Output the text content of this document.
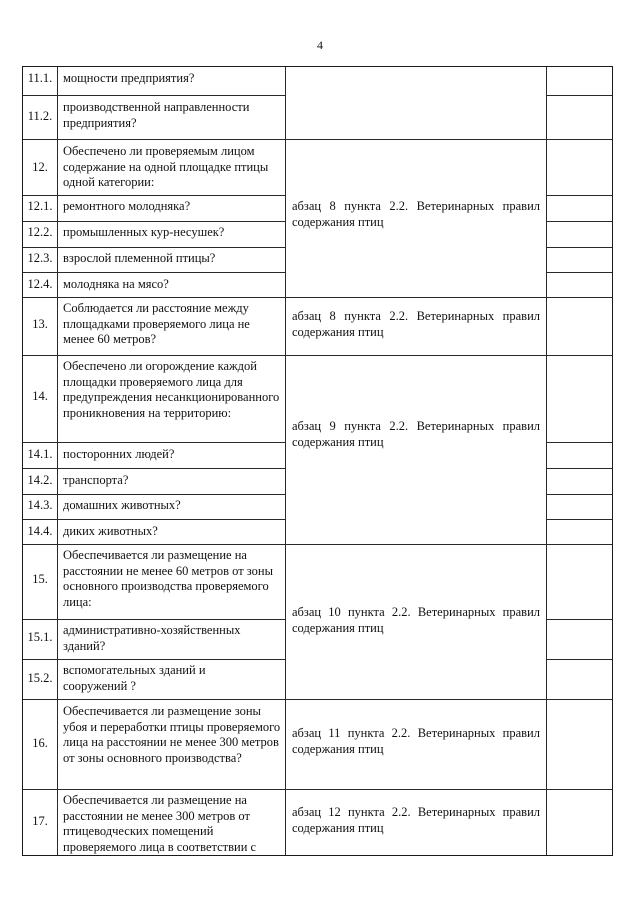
4
11.1. мощности предприятия?
11.2.
производственной направленности предприятия?
12.
Обеспечено ли проверяемым лицом содержание на одной площадке птицы одной категории:
12.1. ремонтного молодняка?
12.2. промышленных кур-несушек?
12.3. взрослой племенной птицы?
12.4. молодняка на мясо?
13.
Соблюдается ли расстояние между площадками проверяемого лица не менее 60 метров?
14.
Обеспечено ли огорождение каждой площадки проверяемого лица для предупреждения несанкционированного проникновения на территорию:
14.1. посторонних людей?
14.2. транспорта?
14.3. домашних животных?
14.4. диких животных?
15.
Обеспечивается ли размещение на расстоянии не менее 60 метров от зоны основного производства проверяемого лица:
15.1. административно-хозяйственных зданий?
15.2.
вспомогательных зданий и сооружений ?
16.
Обеспечивается ли размещение зоны убоя и переработки птицы проверяемого лица на расстоянии не менее 300 метров от зоны основного производства?
17.
Обеспечивается ли размещение на расстоянии не менее 300 метров от птицеводческих помещений проверяемого лица в соответствии с
абзац 8 пункта 2.2. Ветеринарных правил
содержания птиц
абзац 8 пункта 2.2. Ветеринарных правил
содержания птиц
абзац 9 пункта 2.2. Ветеринарных правил
содержания птиц
абзац 10 пункта 2.2. Ветеринарных правил
содержания птиц
абзац 11 пункта 2.2. Ветеринарных правил
содержания птиц
абзац 12 пункта 2.2. Ветеринарных правил
содержания птиц
